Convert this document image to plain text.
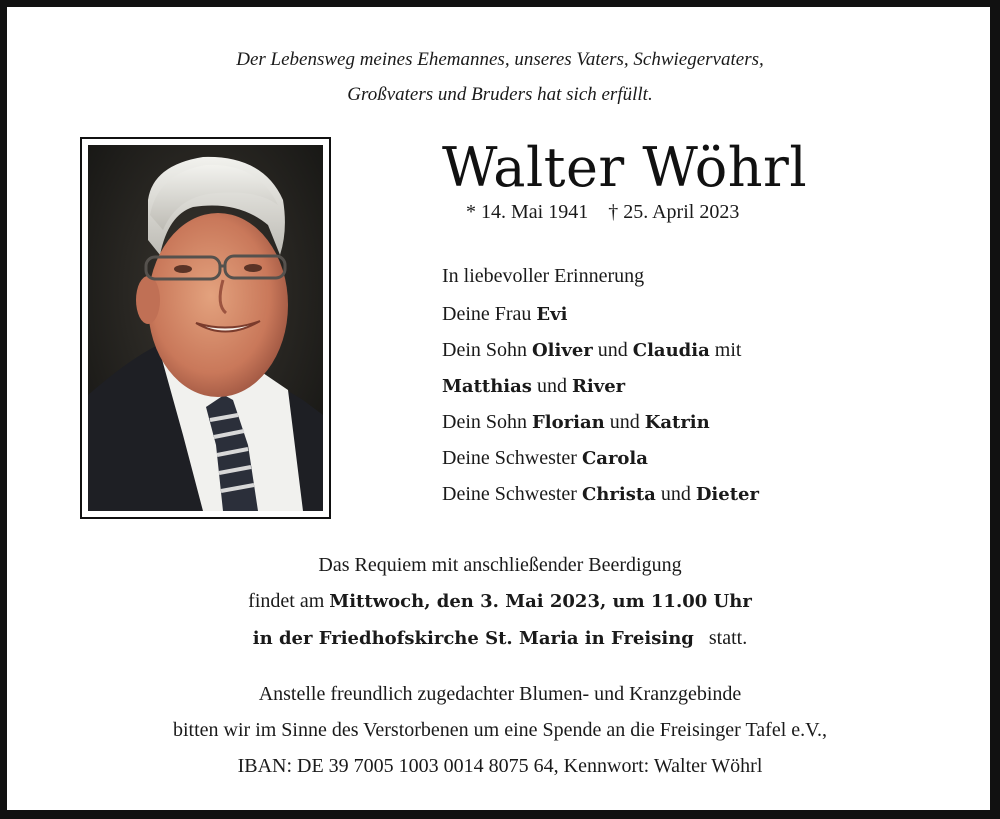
Der Lebensweg meines Ehemannes, unseres Vaters, Schwiegervaters,
Großvaters und Bruders hat sich erfüllt.
Walter Wöhrl
* 14. Mai 1941 † 25. April 2023
In liebevoller Erinnerung
Deine Frau Evi
Dein Sohn Oliver und Claudia mit
Matthias und River
Dein Sohn Florian und Katrin
Deine Schwester Carola
Deine Schwester Christa und Dieter
Das Requiem mit anschließender Beerdigung
findet am Mittwoch, den 3. Mai 2023, um 11.00 Uhr
in der Friedhofskirche St. Maria in Freising statt.
Anstelle freundlich zugedachter Blumen- und Kranzgebinde
bitten wir im Sinne des Verstorbenen um eine Spende an die Freisinger Tafel e.V.,
IBAN: DE 39 7005 1003 0014 8075 64, Kennwort: Walter Wöhrl
